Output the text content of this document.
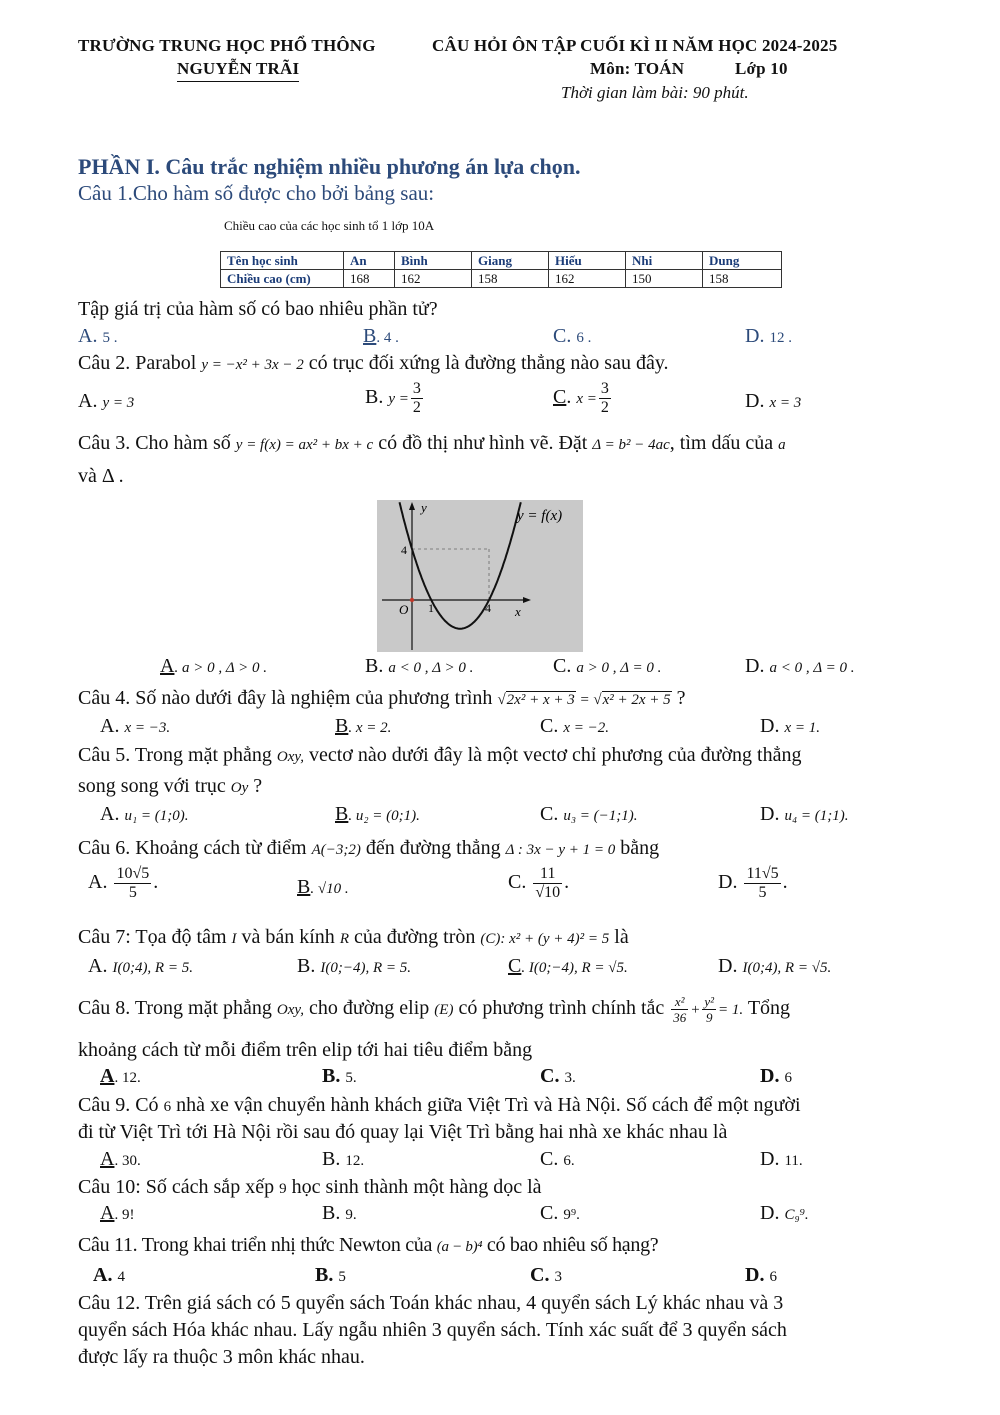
TRƯỜNG TRUNG HỌC PHỔ THÔNG
NGUYỄN TRÃI
CÂU HỎI ÔN TẬP CUỐI KÌ II NĂM HỌC 2024-2025
Môn: TOÁN	Lớp 10
Thời gian làm bài: 90 phút.
PHẦN I. Câu trắc nghiệm nhiều phương án lựa chọn.
Câu 1.Cho hàm số được cho bởi bảng sau:
Chiều cao của các học sinh tổ 1 lớp 10A
Tên học sinh	An	Bình	Giang	Hiếu	Nhi	Dung
Chiều cao (cm)	168	162	158	162	150	158
Tập giá trị của hàm số có bao nhiêu phần tử?
A. 5 .	B. 4 .	C. 6 .	D. 12 .
Câu 2. Parabol y = −x² + 3x − 2 có trục đối xứng là đường thẳng nào sau đây.
A. y = 3	B. $y = \frac{3}{2}$	C. $x = \frac{3}{2}$	D. x = 3
Câu 3. Cho hàm số y = f(x) = ax² + bx + c có đồ thị như hình vẽ. Đặt Δ = b² − 4ac, tìm dấu của a
và Δ .
y
x
O 1	4
4
y = f(x)
A. a > 0 , Δ > 0 .	B. a < 0 , Δ > 0 .	C. a > 0 , Δ = 0 .	D. a < 0 , Δ = 0 .
Câu 4. Số nào dưới đây là nghiệm của phương trình √2x² + x + 3 = √x² + 2x + 5 ?
A. x = −3.	B. x = 2.	C. x = −2.	D. x = 1.
Câu 5. Trong mặt phẳng Oxy, vectơ nào dưới đây là một vectơ chỉ phương của đường thẳng
song song với trục Oy ?
A. u₁ = (1;0).	B. u₂ = (0;1).	C. u₃ = (−1;1).	D. u₄ = (1;1).
Câu 6. Khoảng cách từ điểm A(−3;2) đến đường thẳng Δ : 3x − y + 1 = 0 bằng
A. $\frac{10√5}{5}$ .	B. √10 .	C. $\frac{11}{√10}$ .	D. $\frac{11√5}{5}$ .
Câu 7: Tọa độ tâm I và bán kính R của đường tròn (C): x² + (y + 4)² = 5 là
A. I(0;4), R = 5.	B. I(0;−4), R = 5.	C. I(0;−4), R = √5.	D. I(0;4), R = √5.
Câu 8. Trong mặt phẳng Oxy, cho đường elip (E) có phương trình chính tắc $\frac{\text{x²}}{36} + \frac{\text{y²}}{9} = 1$. Tổng
khoảng cách từ mỗi điểm trên elip tới hai tiêu điểm bằng
A. 12.	B. 5.	C. 3.	D. 6
Câu 9. Có 6 nhà xe vận chuyển hành khách giữa Việt Trì và Hà Nội. Số cách để một người
đi từ Việt Trì tới Hà Nội rồi sau đó quay lại Việt Trì bằng hai nhà xe khác nhau là
A. 30.	B. 12.	C. 6.	D. 11.
Câu 10: Số cách sắp xếp 9 học sinh thành một hàng dọc là
A. 9!	B. 9.	C. 9⁹.	D. C₉⁹.
Câu 11. Trong khai triển nhị thức Newton của (a − b)⁴ có bao nhiêu số hạng?
A. 4	B. 5	C. 3	D. 6
Câu 12. Trên giá sách có 5 quyển sách Toán khác nhau, 4 quyển sách Lý khác nhau và 3
quyển sách Hóa khác nhau. Lấy ngẫu nhiên 3 quyển sách. Tính xác suất để 3 quyển sách
được lấy ra thuộc 3 môn khác nhau.
